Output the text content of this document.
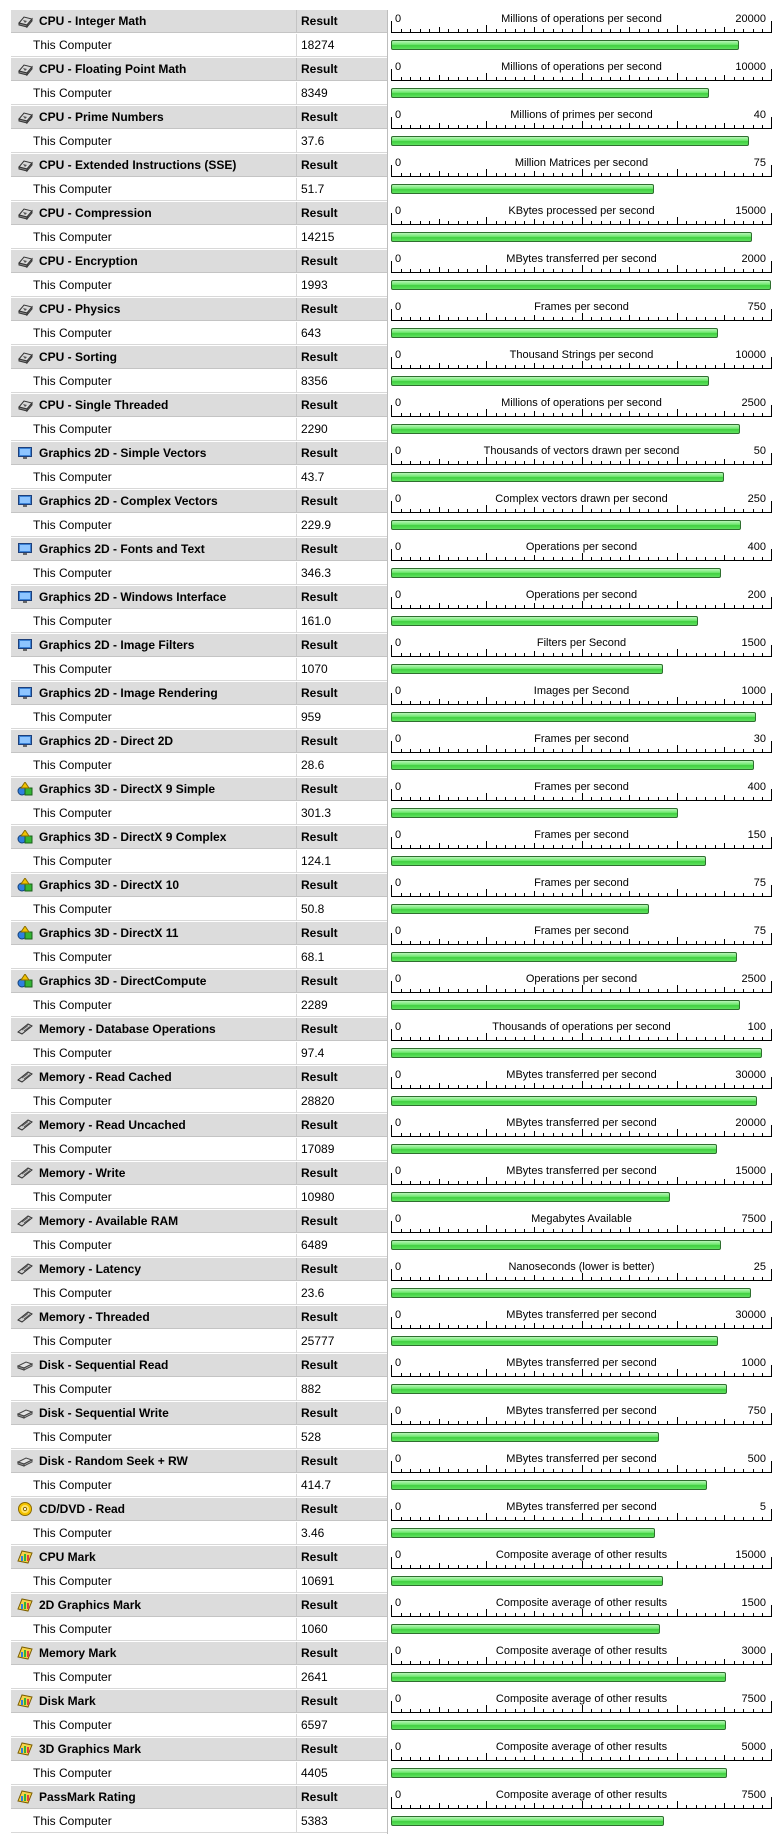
CPU - Integer Math	Result	0	Millions of operations per second	20000
This Computer	18274
CPU - Floating Point Math	Result	0	Millions of operations per second	10000
This Computer	8349
CPU - Prime Numbers	Result	0	Millions of primes per second	40
This Computer	37.6
CPU - Extended Instructions (SSE)	Result	0	Million Matrices per second	75
This Computer	51.7
CPU - Compression	Result	0	KBytes processed per second	15000
This Computer	14215
CPU - Encryption	Result	0	MBytes transferred per second	2000
This Computer	1993
CPU - Physics	Result	0	Frames per second	750
This Computer	643
CPU - Sorting	Result	0	Thousand Strings per second	10000
This Computer	8356
CPU - Single Threaded	Result	0	Millions of operations per second	2500
This Computer	2290
Graphics 2D - Simple Vectors	Result	0	Thousands of vectors drawn per second	50
This Computer	43.7
Graphics 2D - Complex Vectors	Result	0	Complex vectors drawn per second	250
This Computer	229.9
Graphics 2D - Fonts and Text	Result	0	Operations per second	400
This Computer	346.3
Graphics 2D - Windows Interface	Result	0	Operations per second	200
This Computer	161.0
Graphics 2D - Image Filters	Result	0	Filters per Second	1500
This Computer	1070
Graphics 2D - Image Rendering	Result	0	Images per Second	1000
This Computer	959
Graphics 2D - Direct 2D	Result	0	Frames per second	30
This Computer	28.6
Graphics 3D - DirectX 9 Simple	Result	0	Frames per second	400
This Computer	301.3
Graphics 3D - DirectX 9 Complex	Result	0	Frames per second	150
This Computer	124.1
Graphics 3D - DirectX 10	Result	0	Frames per second	75
This Computer	50.8
Graphics 3D - DirectX 11	Result	0	Frames per second	75
This Computer	68.1
Graphics 3D - DirectCompute	Result	0	Operations per second	2500
This Computer	2289
Memory - Database Operations	Result	0	Thousands of operations per second	100
This Computer	97.4
Memory - Read Cached	Result	0	MBytes transferred per second	30000
This Computer	28820
Memory - Read Uncached	Result	0	MBytes transferred per second	20000
This Computer	17089
Memory - Write	Result	0	MBytes transferred per second	15000
This Computer	10980
Memory - Available RAM	Result	0	Megabytes Available	7500
This Computer	6489
Memory - Latency	Result	0	Nanoseconds (lower is better)	25
This Computer	23.6
Memory - Threaded	Result	0	MBytes transferred per second	30000
This Computer	25777
Disk - Sequential Read	Result	0	MBytes transferred per second	1000
This Computer	882
Disk - Sequential Write	Result	0	MBytes transferred per second	750
This Computer	528
Disk - Random Seek + RW	Result	0	MBytes transferred per second	500
This Computer	414.7
CD/DVD - Read	Result	0	MBytes transferred per second	5
This Computer	3.46
CPU Mark	Result	0	Composite average of other results	15000
This Computer	10691
2D Graphics Mark	Result	0	Composite average of other results	1500
This Computer	1060
Memory Mark	Result	0	Composite average of other results	3000
This Computer	2641
Disk Mark	Result	0	Composite average of other results	7500
This Computer	6597
3D Graphics Mark	Result	0	Composite average of other results	5000
This Computer	4405
PassMark Rating	Result	0	Composite average of other results	7500
This Computer	5383
